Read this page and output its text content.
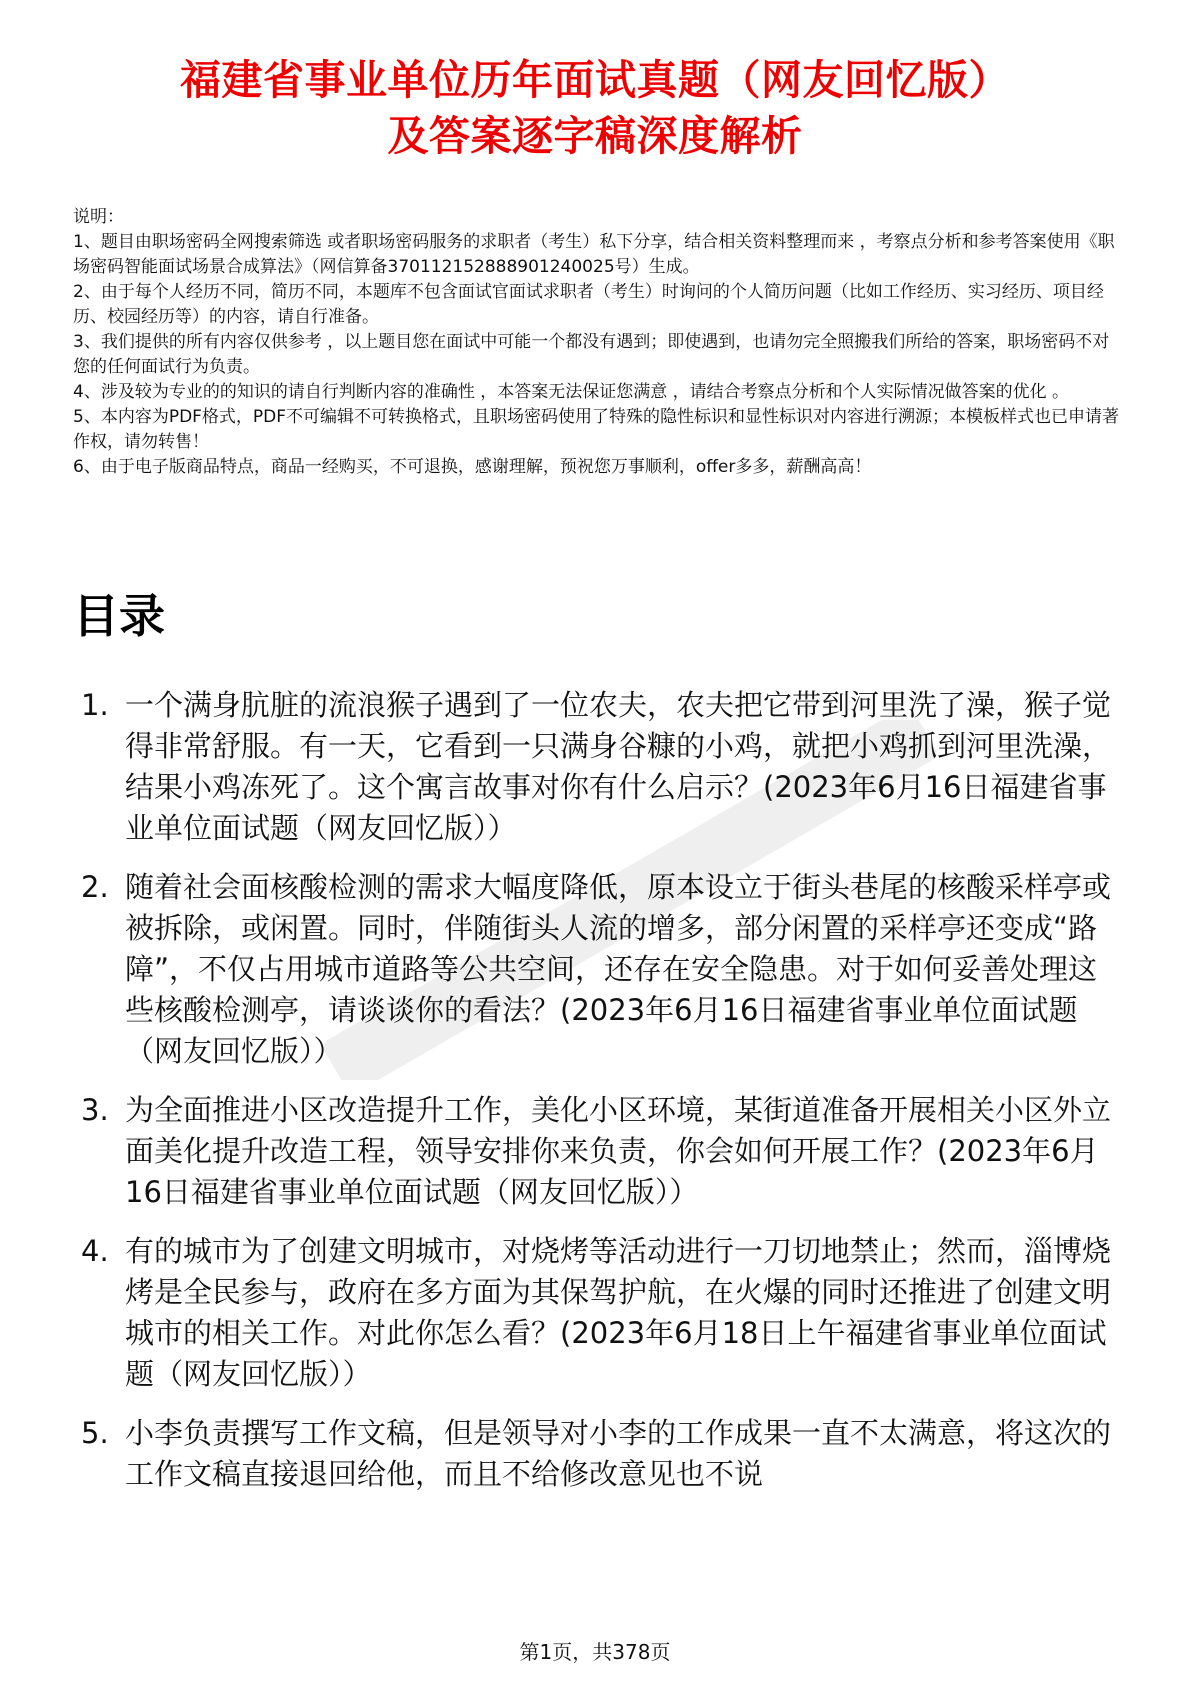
福建省事业单位历年面试真题（网友回忆版）
及答案逐字稿深度解析

说明：

1、题目由职场密码全网搜索筛选 或者职场密码服务的求职者（考生）私下分享，结合相关资料整理而来 ，考察点分析和参考答案使用《职场密码智能面试场景合成算法》（网信算备370112152888901240025号）生成。

2、由于每个人经历不同，简历不同，本题库不包含面试官面试求职者（考生）时询问的个人简历问题（比如工作经历、实习经历、项目经历、校园经历等）的内容，请自行准备。

3、我们提供的所有内容仅供参考 ，以上题目您在面试中可能一个都没有遇到；即使遇到，也请勿完全照搬我们所给的答案，职场密码不对您的任何面试行为负责。

4、涉及较为专业的的知识的请自行判断内容的准确性 ，本答案无法保证您满意 ，请结合考察点分析和个人实际情况做答案的优化 。

5、本内容为PDF格式，PDF不可编辑不可转换格式，且职场密码使用了特殊的隐性标识和显性标识对内容进行溯源；本模板样式也已申请著作权，请勿转售！

6、由于电子版商品特点，商品一经购买，不可退换，感谢理解，预祝您万事顺利，offer多多，薪酬高高！

目录
1. 一个满身肮脏的流浪猴子遇到了一位农夫，农夫把它带到河里洗了澡，猴子觉得非常舒服。有一天，它看到一只满身谷糠的小鸡，就把小鸡抓到河里洗澡，结果小鸡冻死了。这个寓言故事对你有什么启示？(2023年6月16日福建省事业单位面试题（网友回忆版））
2. 随着社会面核酸检测的需求大幅度降低，原本设立于街头巷尾的核酸采样亭或被拆除，或闲置。同时，伴随街头人流的增多，部分闲置的采样亭还变成“路障”，不仅占用城市道路等公共空间，还存在安全隐患。对于如何妥善处理这些核酸检测亭，请谈谈你的看法？(2023年6月16日福建省事业单位面试题（网友回忆版））
3. 为全面推进小区改造提升工作，美化小区环境，某街道准备开展相关小区外立面美化提升改造工程，领导安排你来负责，你会如何开展工作？(2023年6月16日福建省事业单位面试题（网友回忆版））
4. 有的城市为了创建文明城市，对烧烤等活动进行一刀切地禁止；然而，淄博烧烤是全民参与，政府在多方面为其保驾护航，在火爆的同时还推进了创建文明城市的相关工作。对此你怎么看？(2023年6月18日上午福建省事业单位面试题（网友回忆版））
5. 小李负责撰写工作文稿，但是领导对小李的工作成果一直不太满意，将这次的工作文稿直接退回给他，而且不给修改意见也不说
第1页，共378页
